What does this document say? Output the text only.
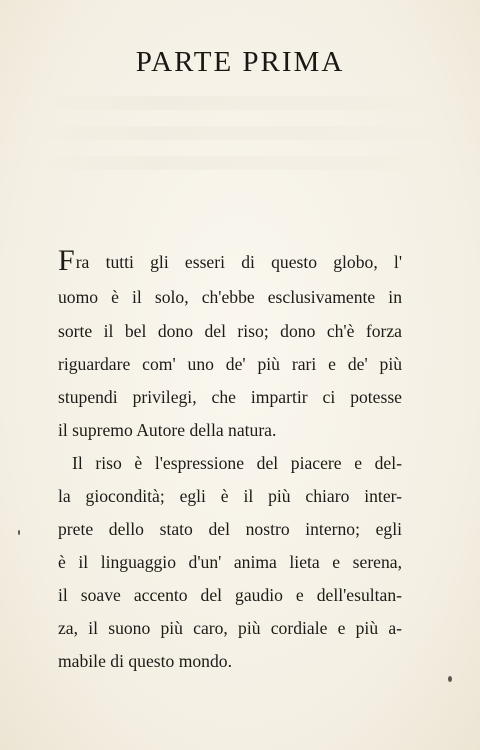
PARTE PRIMA
Fra tutti gli esseri di questo globo, l'
uomo è il solo, ch'ebbe esclusivamente in
sorte il bel dono del riso; dono ch'è forza
riguardare com' uno de' più rari e de' più
stupendi privilegi, che impartir ci potesse
il supremo Autore della natura.
Il riso è l'espressione del piacere e del-
la giocondità; egli è il più chiaro inter-
prete dello stato del nostro interno; egli
è il linguaggio d'un' anima lieta e serena,
il soave accento del gaudio e dell'esultan-
za, il suono più caro, più cordiale e più a-
mabile di questo mondo.
